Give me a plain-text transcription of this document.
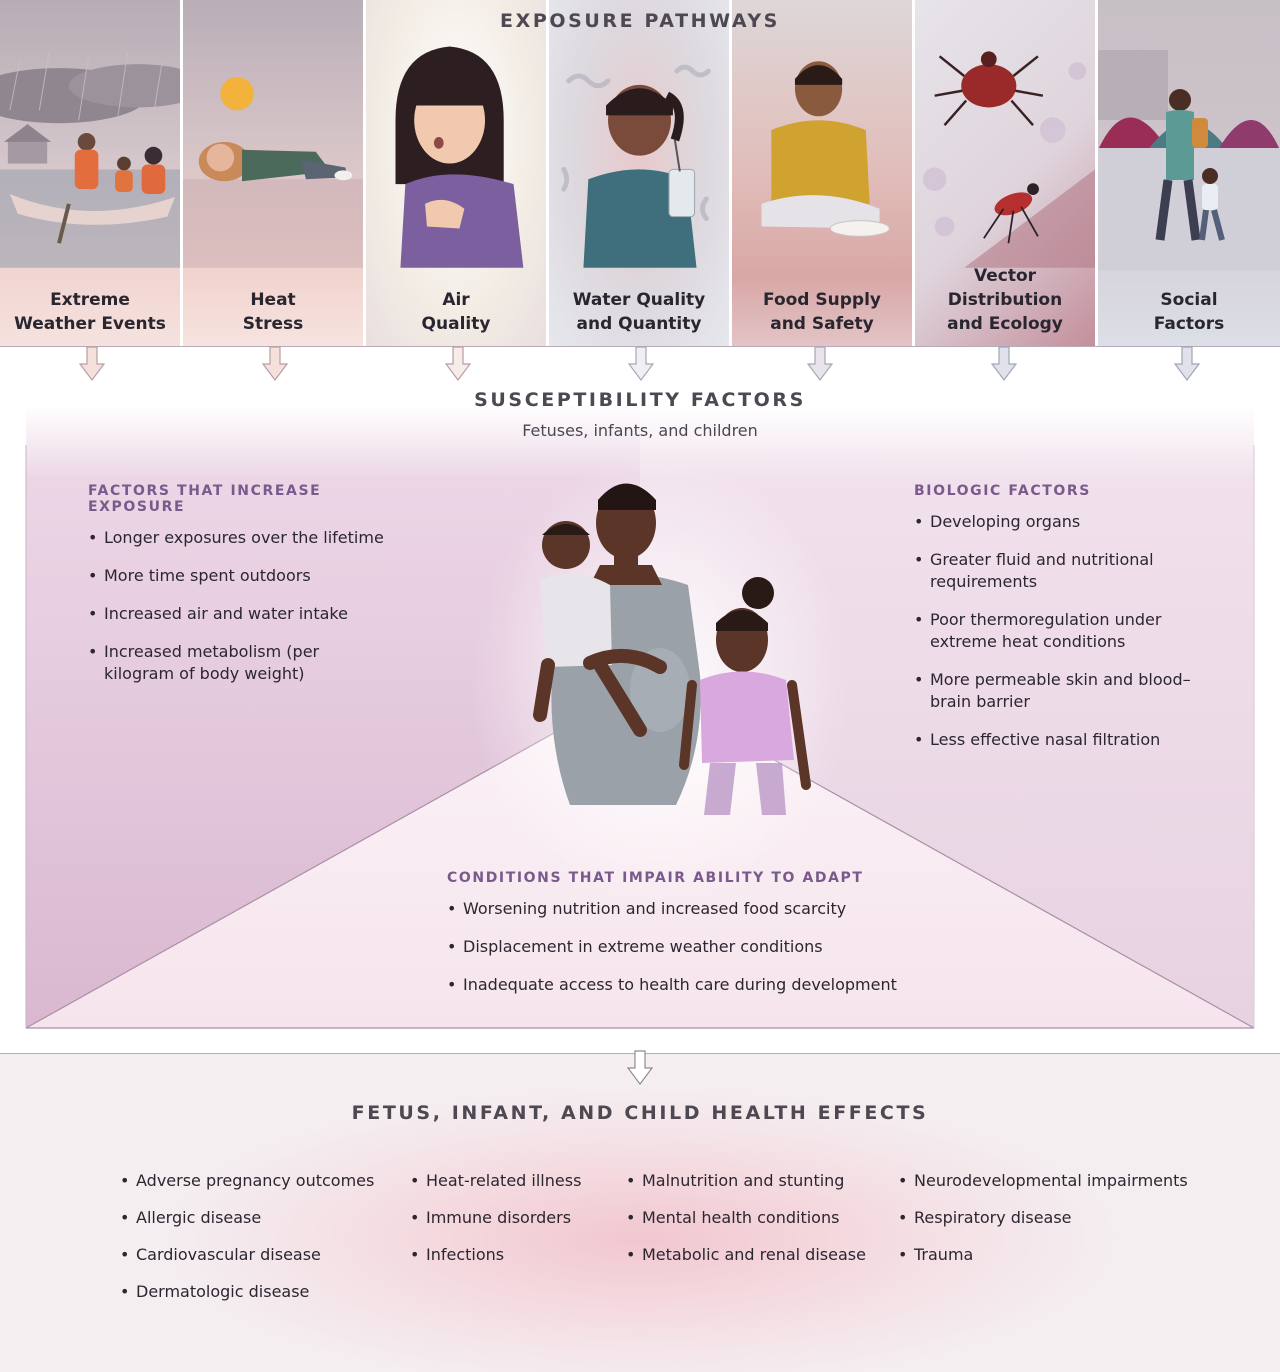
EXPOSURE PATHWAYS
Extreme
Weather Events
Heat
Stress
Air
Quality
Water Quality
and Quantity
Food Supply
and Safety
Vector Distribution
and Ecology
Social
Factors
SUSCEPTIBILITY FACTORS
Fetuses, infants, and children
FACTORS THAT INCREASE EXPOSURE
• Longer exposures over the lifetime
• More time spent outdoors
• Increased air and water intake
• Increased metabolism (per kilogram of body weight)
BIOLOGIC FACTORS
• Developing organs
• Greater fluid and nutritional requirements
• Poor thermoregulation under extreme heat conditions
• More permeable skin and blood–brain barrier
• Less effective nasal filtration
CONDITIONS THAT IMPAIR ABILITY TO ADAPT
• Worsening nutrition and increased food scarcity
• Displacement in extreme weather conditions
• Inadequate access to health care during development
FETUS, INFANT, AND CHILD HEALTH EFFECTS
• Adverse pregnancy outcomes
• Allergic disease
• Cardiovascular disease
• Dermatologic disease
• Heat-related illness
• Immune disorders
• Infections
• Malnutrition and stunting
• Mental health conditions
• Metabolic and renal disease
• Neurodevelopmental impairments
• Respiratory disease
• Trauma
